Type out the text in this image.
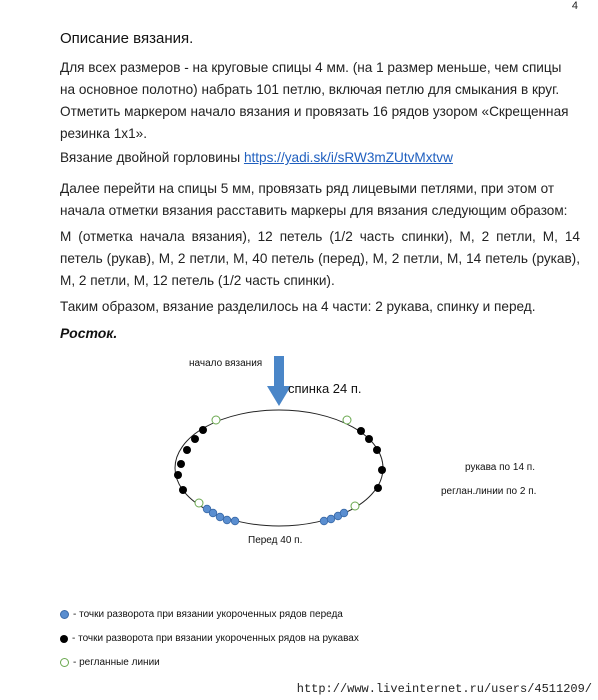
4
Описание вязания.
Для всех размеров - на круговые спицы 4 мм. (на 1 размер меньше, чем спицы на основное полотно) набрать 101 петлю, включая петлю для смыкания в круг. Отметить маркером начало вязания и провязать 16 рядов узором «Скрещенная резинка 1х1».
Вязание двойной горловины https://yadi.sk/i/sRW3mZUtvMxtvw
Далее перейти на спицы 5 мм, провязать ряд лицевыми петлями, при этом от начала отметки вязания расставить маркеры для вязания следующим образом:
М (отметка начала вязания), 12 петель (1/2 часть спинки), М, 2 петли, М, 14 петель (рукав), М, 2 петли, М, 40 петель (перед), М, 2 петли, М, 14 петель (рукав), М, 2 петли, М, 12 петель (1/2 часть спинки).
Таким образом, вязание разделилось на 4 части: 2 рукава, спинку и перед.
Росток.
начало вязания
спинка 24 п.
Перед 40 п.
рукава по 14 п.
реглан.линии по 2 п.
- точки разворота при вязании укороченных рядов переда
- точки разворота при вязании укороченных рядов на рукавах
- регланные линии
http://www.liveinternet.ru/users/4511209/
